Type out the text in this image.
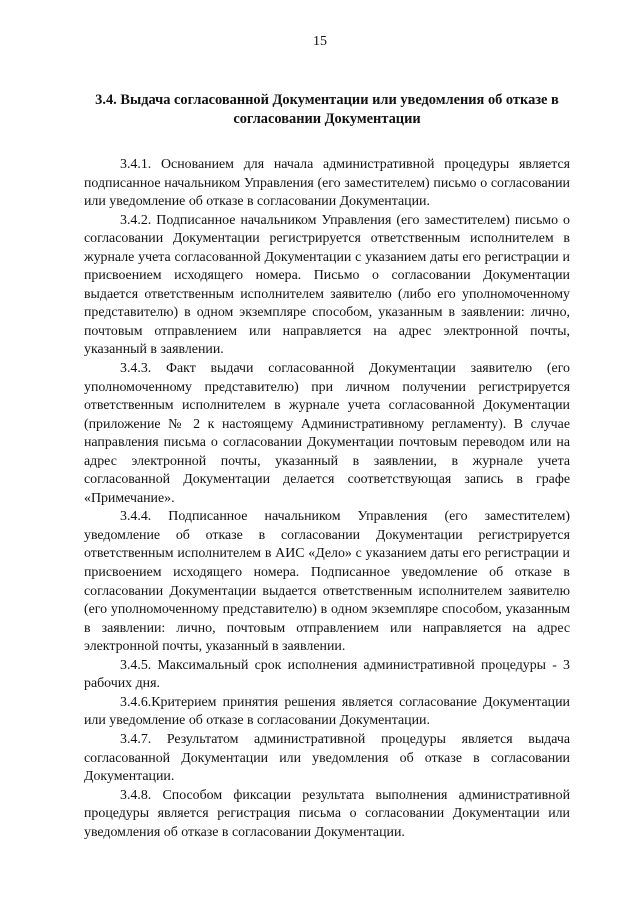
15
3.4. Выдача согласованной Документации или уведомления об отказе в согласовании Документации

3.4.1. Основанием для начала административной процедуры является подписанное начальником Управления (его заместителем) письмо о согласовании или уведомление об отказе в согласовании Документации.

3.4.2. Подписанное начальником Управления (его заместителем) письмо о согласовании Документации регистрируется ответственным исполнителем в журнале учета согласованной Документации с указанием даты его регистрации и присвоением исходящего номера. Письмо о согласовании Документации выдается ответственным исполнителем заявителю (либо его уполномоченному представителю) в одном экземпляре способом, указанным в заявлении: лично, почтовым отправлением или направляется на адрес электронной почты, указанный в заявлении.

3.4.3. Факт выдачи согласованной Документации заявителю (его уполномоченному представителю) при личном получении регистрируется ответственным исполнителем в журнале учета согласованной Документации (приложение № 2 к настоящему Административному регламенту). В случае направления письма о согласовании Документации почтовым переводом или на адрес электронной почты, указанный в заявлении, в журнале учета согласованной Документации делается соответствующая запись в графе «Примечание».

3.4.4. Подписанное начальником Управления (его заместителем) уведомление об отказе в согласовании Документации регистрируется ответственным исполнителем в АИС «Дело» с указанием даты его регистрации и присвоением исходящего номера. Подписанное уведомление об отказе в согласовании Документации выдается ответственным исполнителем заявителю (его уполномоченному представителю) в одном экземпляре способом, указанным в заявлении: лично, почтовым отправлением или направляется на адрес электронной почты, указанный в заявлении.

3.4.5. Максимальный срок исполнения административной процедуры - 3 рабочих дня.

3.4.6.Критерием принятия решения является согласование Документации или уведомление об отказе в согласовании Документации.

3.4.7. Результатом административной процедуры является выдача согласованной Документации или уведомления об отказе в согласовании Документации.

3.4.8. Способом фиксации результата выполнения административной процедуры является регистрация письма о согласовании Документации или уведомления об отказе в согласовании Документации.
